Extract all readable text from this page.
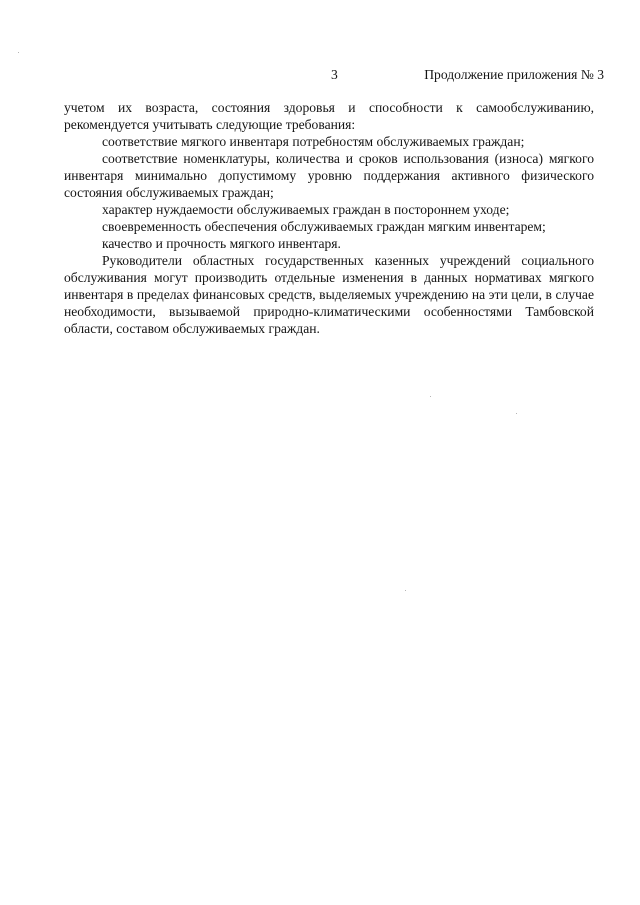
3	Продолжение приложения № 3

учетом их возраста, состояния здоровья и способности к самообслуживанию, рекомендуется учитывать следующие требования:

соответствие мягкого инвентаря потребностям обслуживаемых граждан;

соответствие номенклатуры, количества и сроков использования (износа) мягкого инвентаря минимально допустимому уровню поддержания активного физического состояния обслуживаемых граждан;

характер нуждаемости обслуживаемых граждан в постороннем уходе;

своевременность обеспечения обслуживаемых граждан мягким инвентарем;

качество и прочность мягкого инвентаря.

Руководители областных государственных казенных учреждений социального обслуживания могут производить отдельные изменения в данных нормативах мягкого инвентаря в пределах финансовых средств, выделяемых учреждению на эти цели, в случае необходимости, вызываемой природно-климатическими особенностями Тамбовской области, составом обслуживаемых граждан.
